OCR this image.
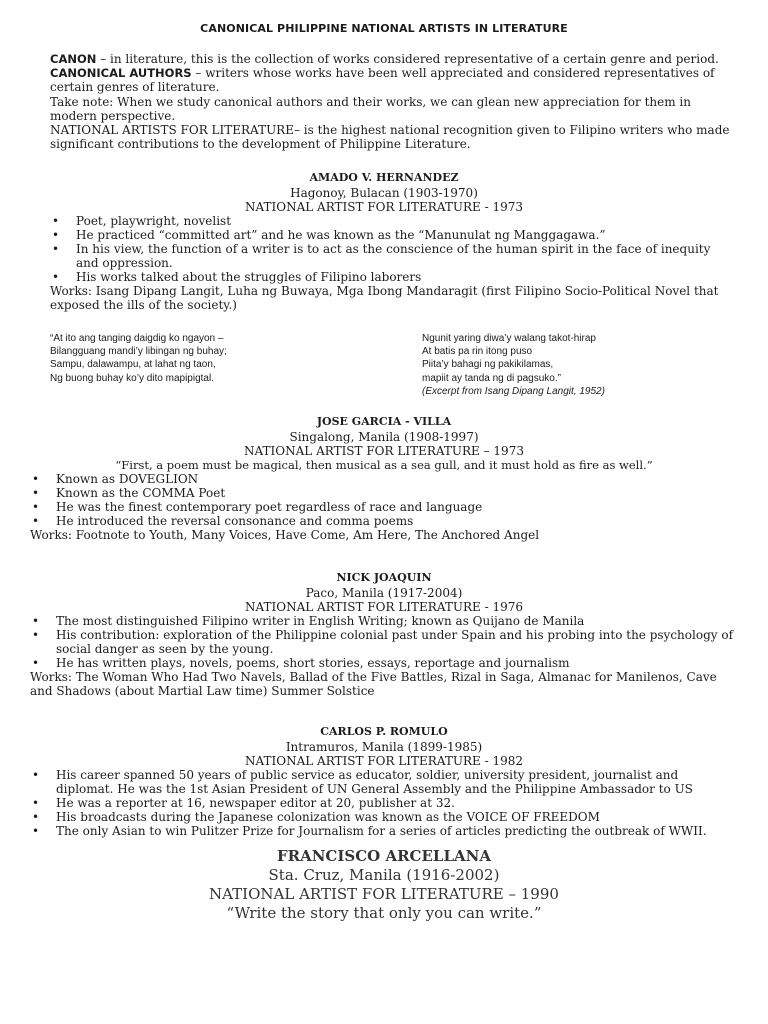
CANONICAL PHILIPPINE NATIONAL ARTISTS IN LITERATURE

CANON – in literature, this is the collection of works considered representative of a certain genre and period.

CANONICAL AUTHORS – writers whose works have been well appreciated and considered representatives of certain genres of literature.

Take note: When we study canonical authors and their works, we can glean new appreciation for them in modern perspective.

NATIONAL ARTISTS FOR LITERATURE– is the highest national recognition given to Filipino writers who made significant contributions to the development of Philippine Literature.

AMADO V. HERNANDEZ
Hagonoy, Bulacan (1903-1970)
NATIONAL ARTIST FOR LITERATURE - 1973
• Poet, playwright, novelist
• He practiced “committed art” and he was known as the “Manunulat ng Manggagawa.”
• In his view, the function of a writer is to act as the conscience of the human spirit in the face of inequity and oppression.
• His works talked about the struggles of Filipino laborers
Works: Isang Dipang Langit, Luha ng Buwaya, Mga Ibong Mandaragit (first Filipino Socio-Political Novel that exposed the ills of the society.)
“At ito ang tanging daigdig ko ngayon –
Bilangguang mandi’y libingan ng buhay;
Sampu, dalawampu, at lahat ng taon,
Ng buong buhay ko’y dito mapipigtal.
Ngunit yaring diwa’y walang takot-hirap
At batis pa rin itong puso
Piita’y bahagi ng pakikilamas,
mapiit ay tanda ng di pagsuko.”
(Excerpt from Isang Dipang Langit, 1952)
JOSE GARCIA - VILLA
Singalong, Manila (1908-1997)
NATIONAL ARTIST FOR LITERATURE – 1973
“First, a poem must be magical, then musical as a sea gull, and it must hold as fire as well.”
• Known as DOVEGLION
• Known as the COMMA Poet
• He was the finest contemporary poet regardless of race and language
• He introduced the reversal consonance and comma poems
Works: Footnote to Youth, Many Voices, Have Come, Am Here, The Anchored Angel
NICK JOAQUIN
Paco, Manila (1917-2004)
NATIONAL ARTIST FOR LITERATURE - 1976
• The most distinguished Filipino writer in English Writing; known as Quijano de Manila
• His contribution: exploration of the Philippine colonial past under Spain and his probing into the psychology of social danger as seen by the young.
• He has written plays, novels, poems, short stories, essays, reportage and journalism
Works: The Woman Who Had Two Navels, Ballad of the Five Battles, Rizal in Saga, Almanac for Manilenos, Cave and Shadows (about Martial Law time) Summer Solstice
CARLOS P. ROMULO
Intramuros, Manila (1899-1985)
NATIONAL ARTIST FOR LITERATURE - 1982
• His career spanned 50 years of public service as educator, soldier, university president, journalist and diplomat. He was the 1st Asian President of UN General Assembly and the Philippine Ambassador to US
• He was a reporter at 16, newspaper editor at 20, publisher at 32.
• His broadcasts during the Japanese colonization was known as the VOICE OF FREEDOM
• The only Asian to win Pulitzer Prize for Journalism for a series of articles predicting the outbreak of WWII.
FRANCISCO ARCELLANA
Sta. Cruz, Manila (1916-2002)
NATIONAL ARTIST FOR LITERATURE – 1990
“Write the story that only you can write.”
